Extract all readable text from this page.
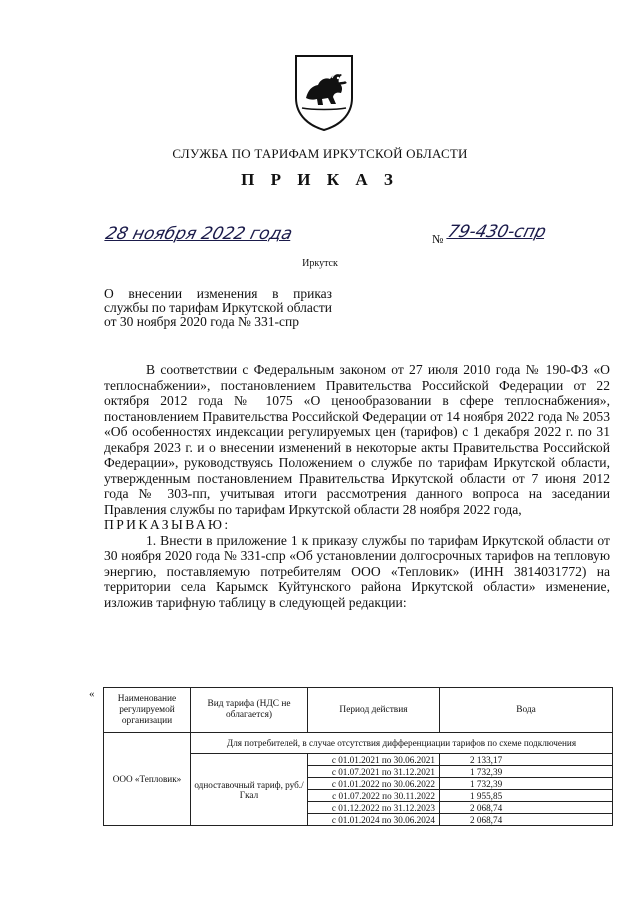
СЛУЖБА ПО ТАРИФАМ ИРКУТСКОЙ ОБЛАСТИ
П Р И К А З
28 ноября 2022 года	№ 79-430-спр
Иркутск
О внесении изменения в приказ службы по тарифам Иркутской области от 30 ноября 2020 года № 331-спр

В соответствии с Федеральным законом от 27 июля 2010 года № 190-ФЗ «О теплоснабжении», постановлением Правительства Российской Федерации от 22 октября 2012 года № 1075 «О ценообразовании в сфере теплоснабжения», постановлением Правительства Российской Федерации от 14 ноября 2022 года № 2053 «Об особенностях индексации регулируемых цен (тарифов) с 1 декабря 2022 г. по 31 декабря 2023 г. и о внесении изменений в некоторые акты Правительства Российской Федерации», руководствуясь Положением о службе по тарифам Иркутской области, утвержденным постановлением Правительства Иркутской области от 7 июня 2012 года № 303-пп, учитывая итоги рассмотрения данного вопроса на заседании Правления службы по тарифам Иркутской области 28 ноября 2022 года,

ПРИКАЗЫВАЮ:

1. Внести в приложение 1 к приказу службы по тарифам Иркутской области от 30 ноября 2020 года № 331-спр «Об установлении долгосрочных тарифов на тепловую энергию, поставляемую потребителям ООО «Тепловик» (ИНН 3814031772) на территории села Карымск Куйтунского района Иркутской области» изменение, изложив тарифную таблицу в следующей редакции:

« Наименование регулируемой организации	Вид тарифа (НДС не облагается)	Период действия	Вода
ООО «Тепловик»	Для потребителей, в случае отсутствия дифференциации тарифов по схеме подключения		
	одноставочный тариф, руб./Гкал	с 01.01.2021 по 30.06.2021	2 133,17
		с 01.07.2021 по 31.12.2021	1 732,39
		с 01.01.2022 по 30.06.2022	1 732,39
		с 01.07.2022 по 30.11.2022	1 955,85
		с 01.12.2022 по 31.12.2023	2 068,74
		с 01.01.2024 по 30.06.2024	2 068,74
